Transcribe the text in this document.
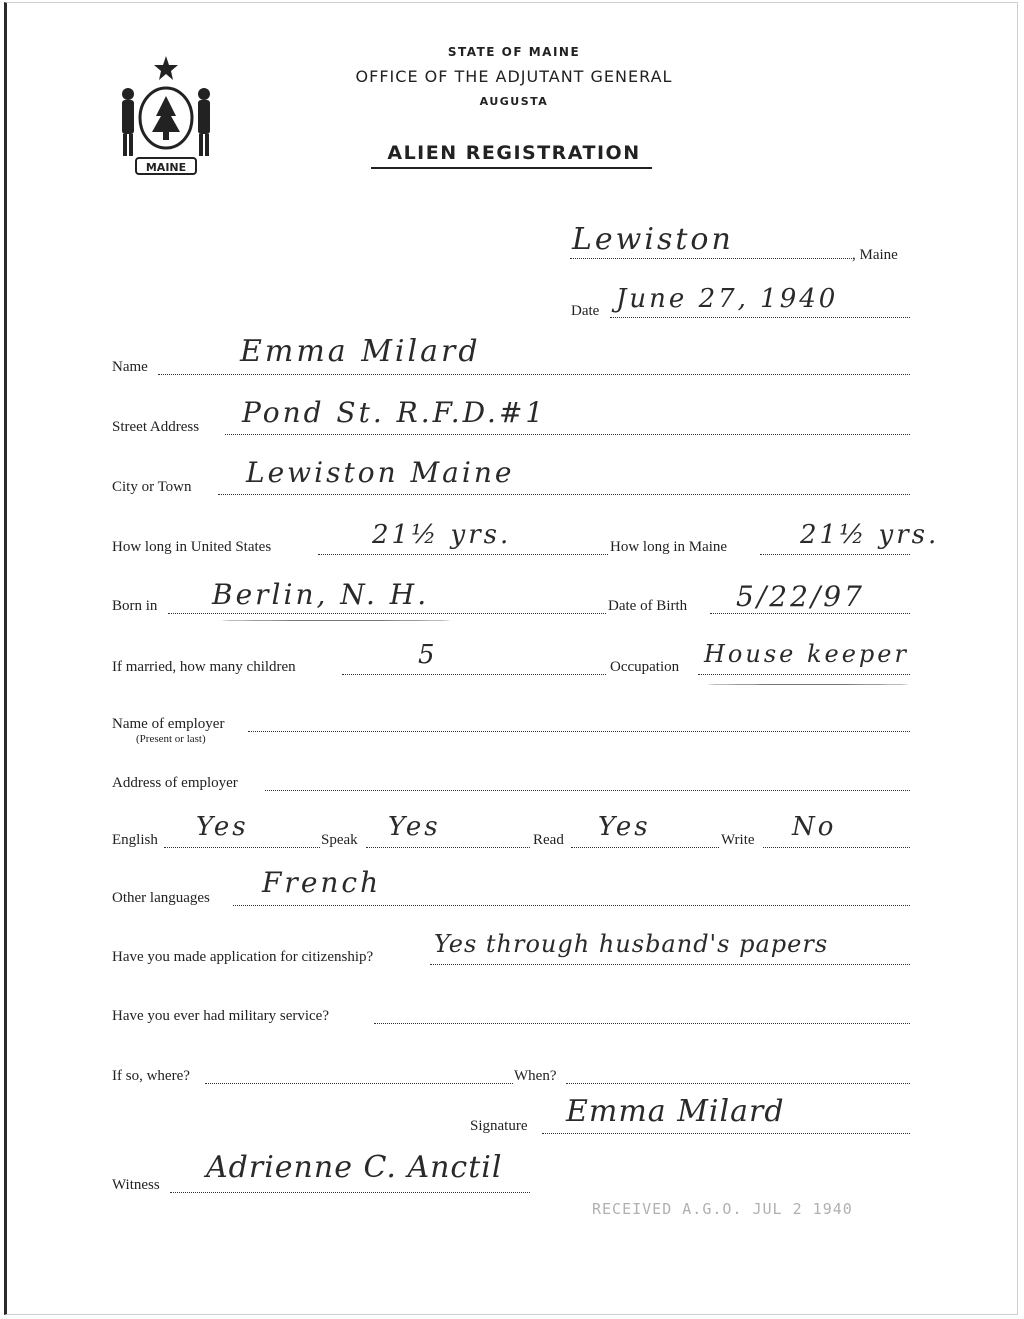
MAINE
STATE OF MAINE
OFFICE OF THE ADJUTANT GENERAL
AUGUSTA
ALIEN REGISTRATION
Lewiston	, Maine
Date June 27, 1940
Name	Emma Milard
Street Address Pond St. R.F.D.#1
City or Town Lewiston Maine
How long in United States	21½ yrs.	How long in Maine	21½ yrs.
Born in Berlin, N. H.	Date of Birth 5/22/97
If married, how many children	5	Occupation House keeper
Name of employer
(Present or last)
Address of employer
English Yes	Speak Yes	Read Yes	Write No
Other languages French
Have you made application for citizenship?	Yes through husband's papers
Have you ever had military service?
If so, where?	When?
Signature Emma Milard
Witness Adrienne C. Anctil
RECEIVED A.G.O. JUL 2 1940
